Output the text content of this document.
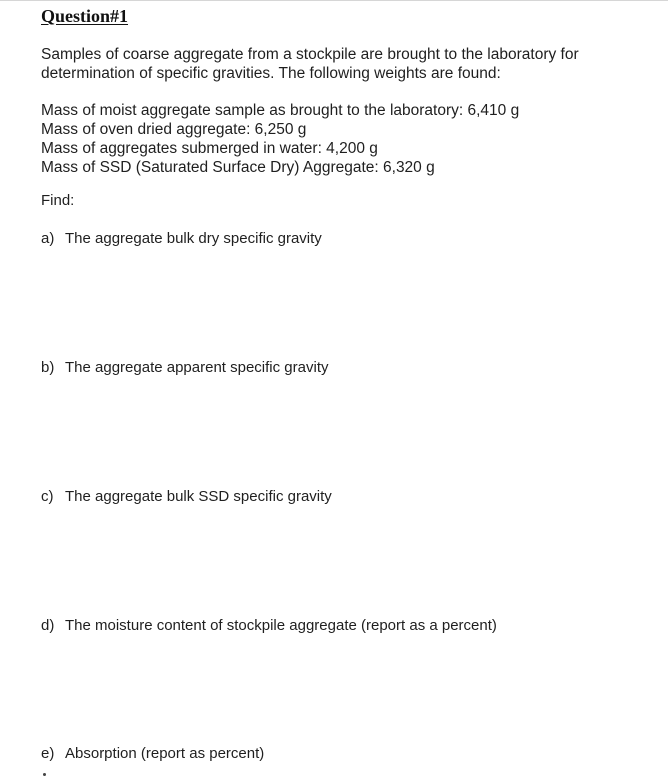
Question#1

Samples of coarse aggregate from a stockpile are brought to the laboratory for determination of specific gravities. The following weights are found:

Mass of moist aggregate sample as brought to the laboratory: 6,410 g
Mass of oven dried aggregate: 6,250 g
Mass of aggregates submerged in water: 4,200 g
Mass of SSD (Saturated Surface Dry) Aggregate: 6,320 g
Find:
a) The aggregate bulk dry specific gravity
b) The aggregate apparent specific gravity
c) The aggregate bulk SSD specific gravity
d) The moisture content of stockpile aggregate (report as a percent)
e) Absorption (report as percent)
